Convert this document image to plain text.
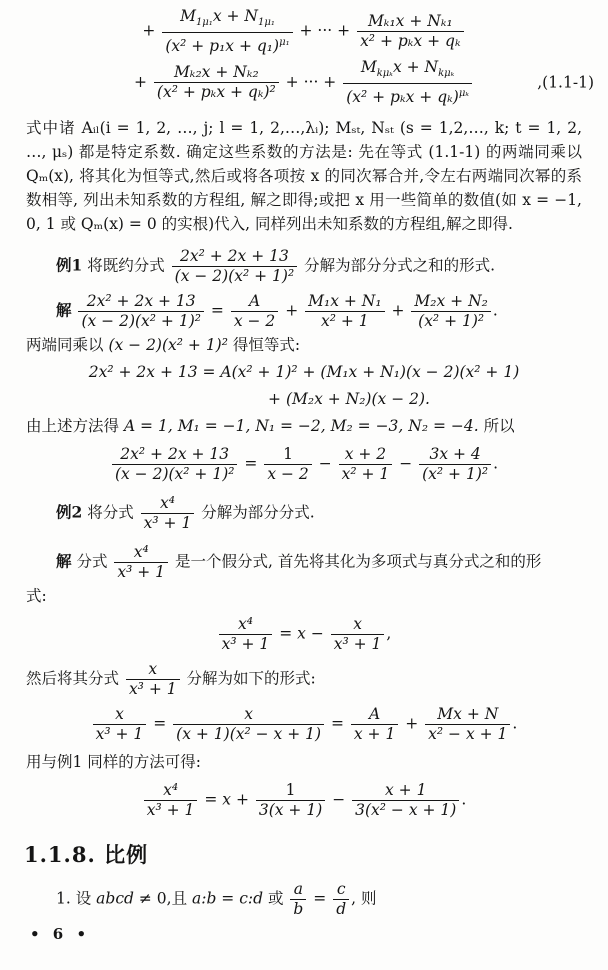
+ $\frac{M_{1\mu_1}x + N_{1\mu_1}}{(x^2 + p_1x + q_1)^{\mu_1}}$ + ··· +
Mₖ₁x + Nₖ₁
x² + pₖx + qₖ
+
Mₖ₂x + Nₖ₂
(x² + pₖx + qₖ)²
+ ··· +
$M_{k\mu_k}x + N_{k\mu_k}$
$(x^2 + p_kx + q_k)^{\mu_k}$
,(1.1-1)

式中诸 Aᵢₗ(i = 1, 2, …, j; l = 1, 2,…,λᵢ); Mₛₜ, Nₛₜ (s = 1,2,…, k; t = 1, 2, …, μₛ) 都是特定系数. 确定这些系数的方法是: 先在等式 (1.1-1) 的两端同乘以 Qₘ(x), 将其化为恒等式,然后或将各项按 x 的同次幂合并,令左右两端同次幂的系数相等, 列出未知系数的方程组, 解之即得;或把 x 用一些简单的数值(如 x = −1, 0, 1 或 Qₘ(x) = 0 的实根)代入, 同样列出未知系数的方程组,解之即得.

例1 将既约分式 $\frac{\text{2x² + 2x + 13}}{\text{(x − 2)(x² + 1)²}}$ 分解为部分分式之和的形式.
解 $\frac{\text{2x² + 2x + 13}}{\text{(x − 2)(x² + 1)²}} = \frac{A}{x - 2} + \frac{\text{M₁x + N₁}}{\text{x² + 1}} + \frac{\text{M₂x + N₂}}{\text{(x² + 1)²}}$ .
两端同乘以 (x − 2)(x² + 1)² 得恒等式:
2x² + 2x + 13 = A(x² + 1)² + (M₁x + N₁)(x − 2)(x² + 1)
+ (M₂x + N₂)(x − 2).
由上述方法得 A = 1, M₁ = −1, N₁ = −2, M₂ = −3, N₂ = −4. 所以
$\frac{\text{2x² + 2x + 13}}{\text{(x − 2)(x² + 1)²}} = \frac{1}{x - 2} - \frac{x + 2}{\text{x² + 1}} - \frac{3x + 4}{\text{(x² + 1)²}}$ .
例2 将分式 $\frac{\text{x⁴}}{\text{x³ + 1}}$ 分解为部分分式.
解 分式 $\frac{\text{x⁴}}{\text{x³ + 1}}$ 是一个假分式, 首先将其化为多项式与真分式之和的形
式:
$\frac{\text{x⁴}}{\text{x³ + 1}} = x - \frac{x}{\text{x³ + 1}}$ ,
然后将其分式 $\frac{x}{\text{x³ + 1}}$ 分解为如下的形式:
$\frac{x}{\text{x³ + 1}} = \frac{x}{\text{(x + 1)(x² − x + 1)}} = \frac{A}{x + 1} + \frac{Mx + N}{\text{x² − x + 1}}$ .
用与例1 同样的方法可得:
$\frac{\text{x⁴}}{\text{x³ + 1}} = x + \frac{1}{3(x + 1)} - \frac{x + 1}{\text{3(x² − x + 1)}}$ .
1.1.8. 比例
1. 设 abcd ≠ 0,且 a:b = c:d 或 $\frac{a}{b} = \frac{c}{d}$ , 则
• 6 •
